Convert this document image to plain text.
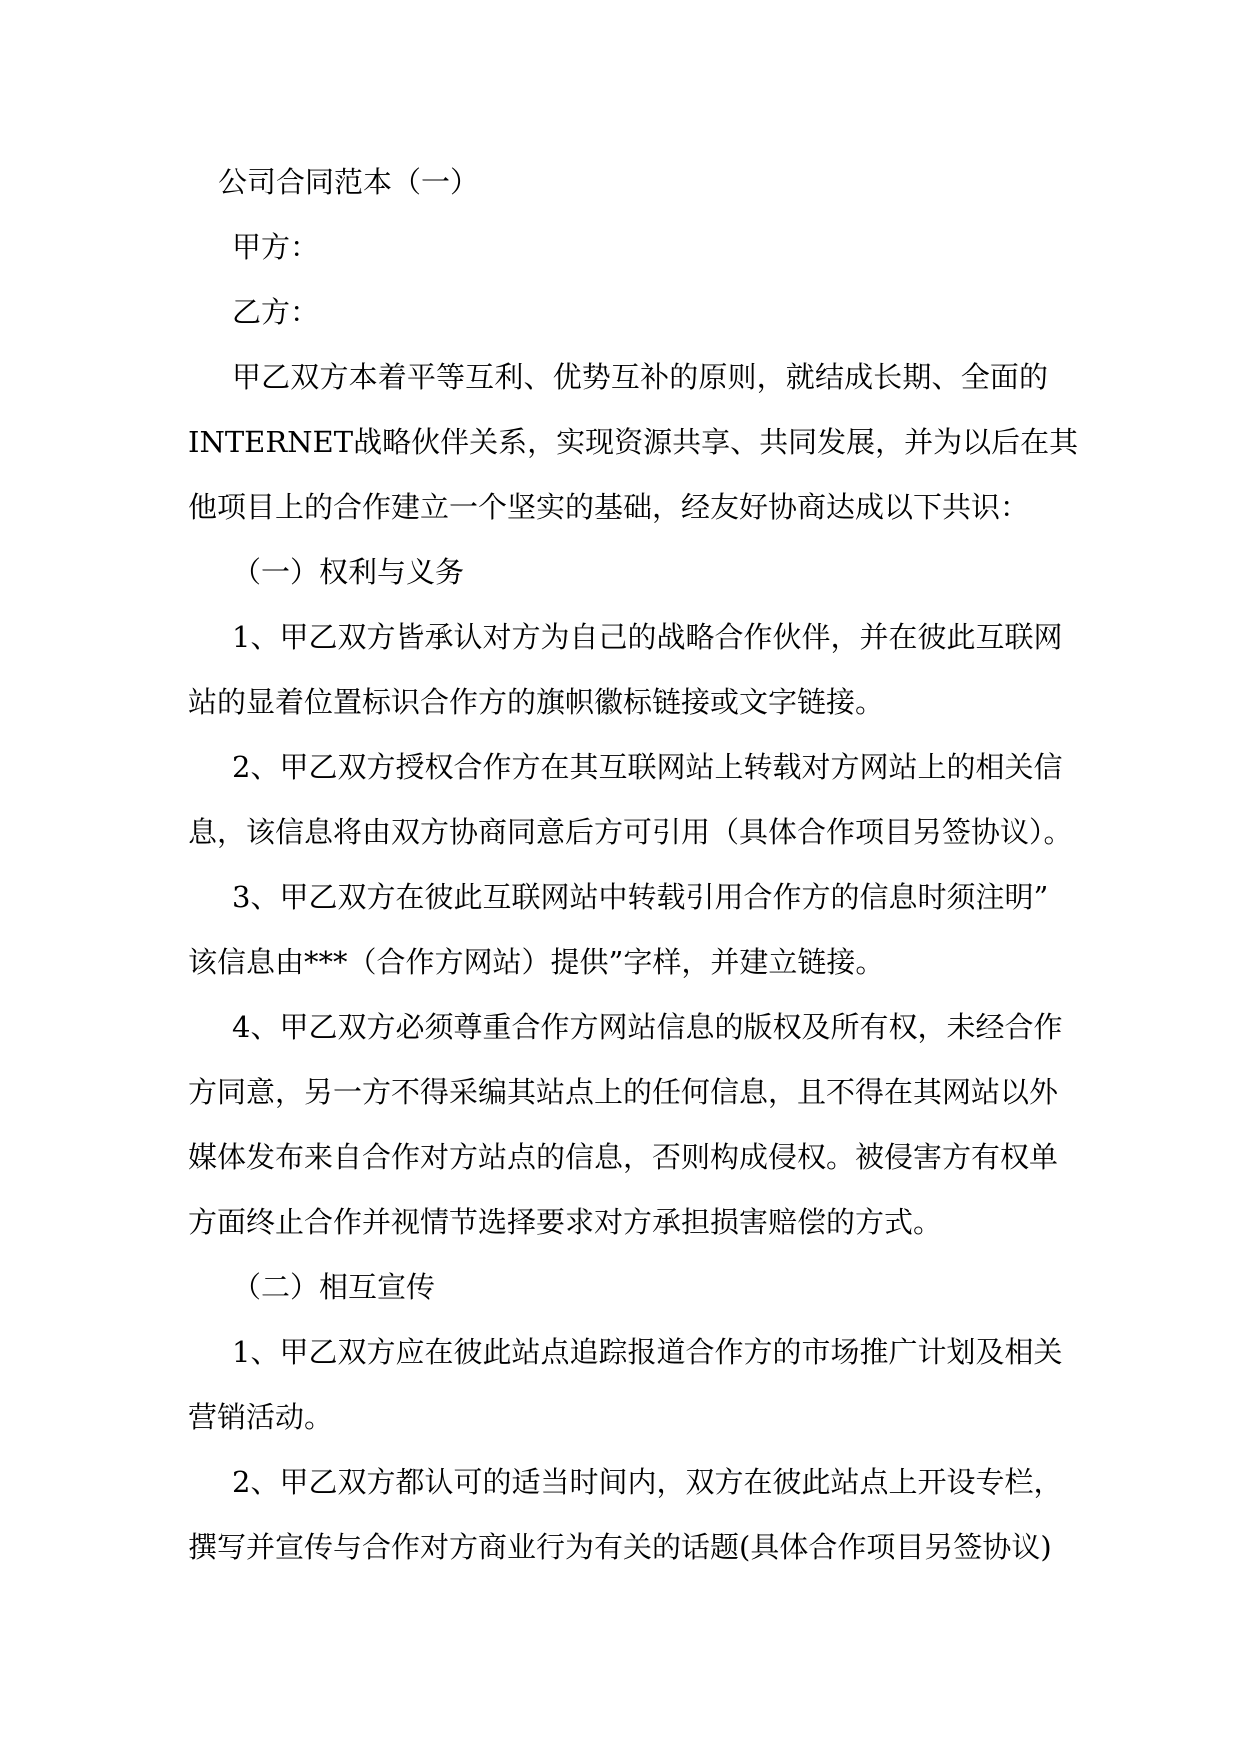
公司合同范本（一）
甲方：
乙方：
甲乙双方本着平等互利、优势互补的原则，就结成长期、全面的
INTERNET战略伙伴关系，实现资源共享、共同发展，并为以后在其
他项目上的合作建立一个坚实的基础，经友好协商达成以下共识：
（一）权利与义务
1、甲乙双方皆承认对方为自己的战略合作伙伴，并在彼此互联网
站的显着位置标识合作方的旗帜徽标链接或文字链接。
2、甲乙双方授权合作方在其互联网站上转载对方网站上的相关信
息，该信息将由双方协商同意后方可引用（具体合作项目另签协议）。
3、甲乙双方在彼此互联网站中转载引用合作方的信息时须注明”
该信息由***（合作方网站）提供”字样，并建立链接。
4、甲乙双方必须尊重合作方网站信息的版权及所有权，未经合作
方同意，另一方不得采编其站点上的任何信息，且不得在其网站以外
媒体发布来自合作对方站点的信息，否则构成侵权。被侵害方有权单
方面终止合作并视情节选择要求对方承担损害赔偿的方式。
（二）相互宣传
1、甲乙双方应在彼此站点追踪报道合作方的市场推广计划及相关
营销活动。
2、甲乙双方都认可的适当时间内，双方在彼此站点上开设专栏，
撰写并宣传与合作对方商业行为有关的话题(具体合作项目另签协议)
